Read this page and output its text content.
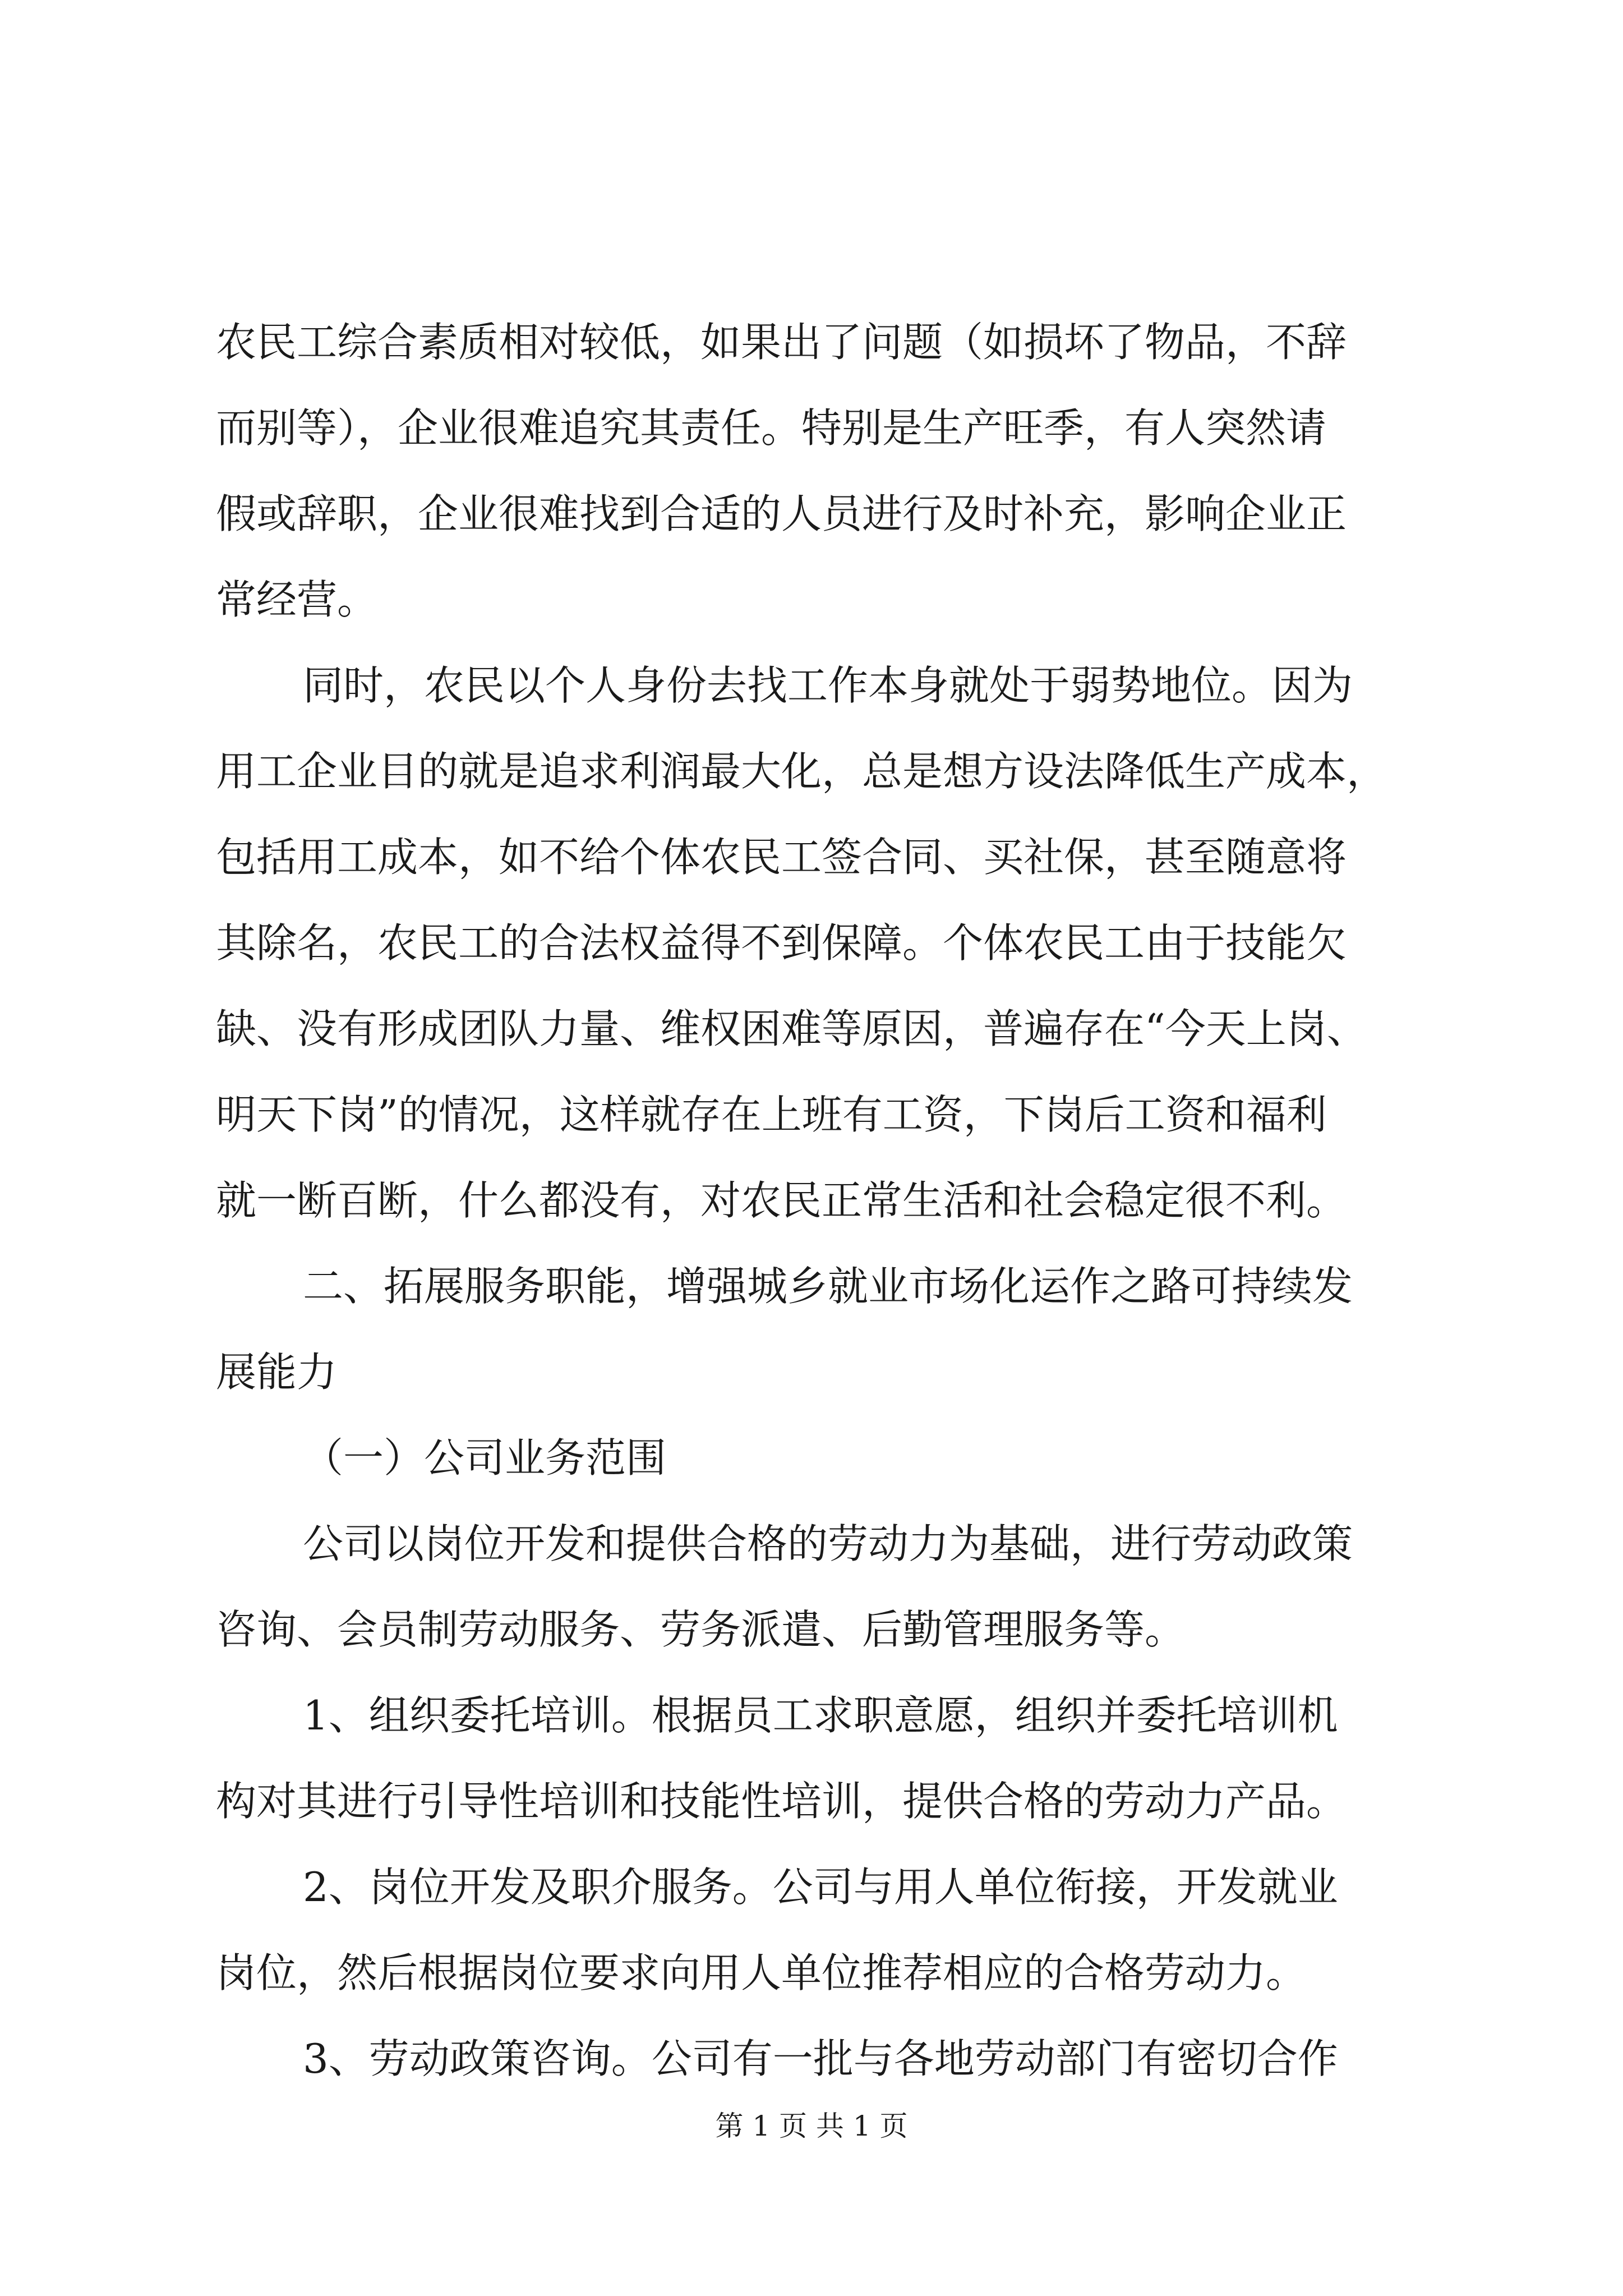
农民工综合素质相对较低，如果出了问题（如损坏了物品，不辞
而别等），企业很难追究其责任。特别是生产旺季，有人突然请
假或辞职，企业很难找到合适的人员进行及时补充，影响企业正
常经营。
同时，农民以个人身份去找工作本身就处于弱势地位。因为
用工企业目的就是追求利润最大化，总是想方设法降低生产成本，
包括用工成本，如不给个体农民工签合同、买社保，甚至随意将
其除名，农民工的合法权益得不到保障。个体农民工由于技能欠
缺、没有形成团队力量、维权困难等原因，普遍存在“今天上岗、
明天下岗”的情况，这样就存在上班有工资，下岗后工资和福利
就一断百断，什么都没有，对农民正常生活和社会稳定很不利。
二、拓展服务职能，增强城乡就业市场化运作之路可持续发
展能力
（一）公司业务范围
公司以岗位开发和提供合格的劳动力为基础，进行劳动政策
咨询、会员制劳动服务、劳务派遣、后勤管理服务等。
1、组织委托培训。根据员工求职意愿，组织并委托培训机
构对其进行引导性培训和技能性培训，提供合格的劳动力产品。
2、岗位开发及职介服务。公司与用人单位衔接，开发就业
岗位，然后根据岗位要求向用人单位推荐相应的合格劳动力。
3、劳动政策咨询。公司有一批与各地劳动部门有密切合作
第 1 页 共 1 页
